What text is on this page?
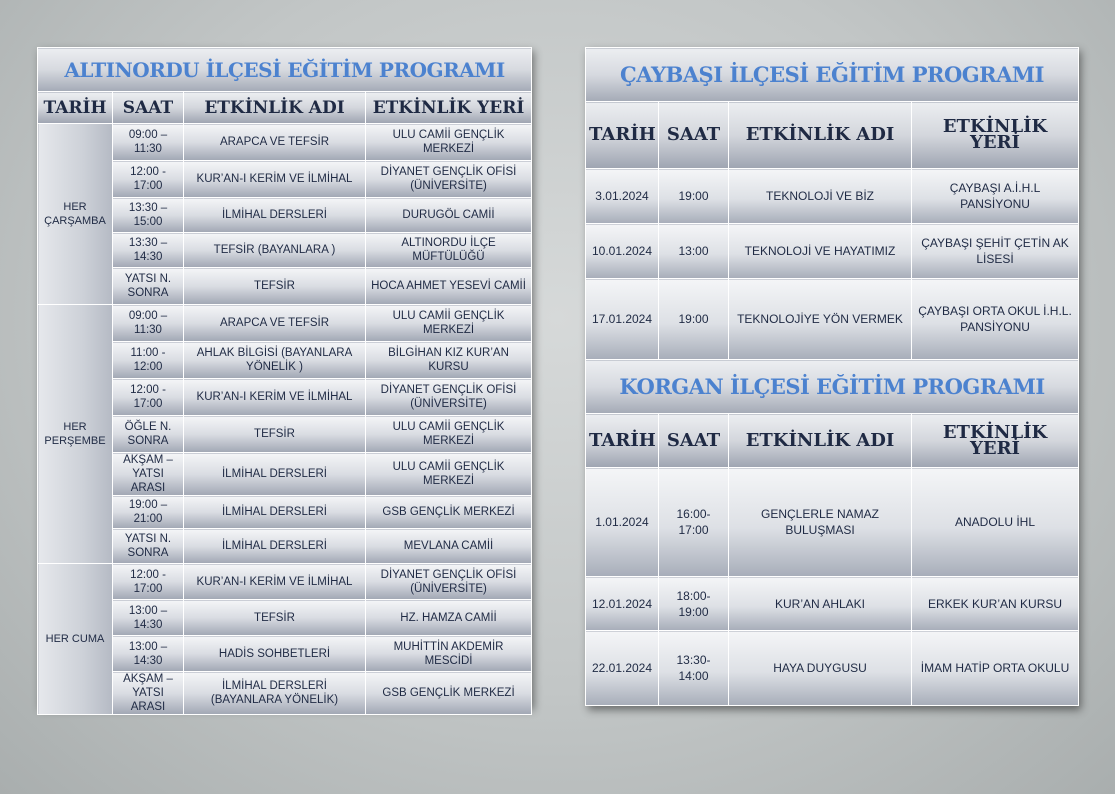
ALTINORDU İLÇESİ EĞİTİM PROGRAMI			
TARİH	SAAT	ETKİNLİK ADI	ETKİNLİK YERİ
HER ÇARŞAMBA	09:00 – 11:30	ARAPCA VE TEFSİR	ULU CAMİİ GENÇLİK MERKEZİ
	12:00 - 17:00	KUR’AN-I KERİM VE İLMİHAL	DİYANET GENÇLİK OFİSİ (ÜNİVERSİTE)
	13:30 – 15:00	İLMİHAL DERSLERİ	DURUGÖL CAMİİ
	13:30 – 14:30	TEFSİR (BAYANLARA )	ALTINORDU İLÇE MÜFTÜLÜĞÜ
	YATSI N. SONRA	TEFSİR	HOCA AHMET YESEVİ CAMİİ
HER PERŞEMBE	09:00 – 11:30	ARAPCA VE TEFSİR	ULU CAMİİ GENÇLİK MERKEZİ
	11:00 - 12:00	AHLAK BİLGİSİ (BAYANLARA YÖNELİK )	BİLGİHAN KIZ KUR’AN KURSU
	12:00 - 17:00	KUR’AN-I KERİM VE İLMİHAL	DİYANET GENÇLİK OFİSİ (ÜNİVERSİTE)
	ÖĞLE N. SONRA	TEFSİR	ULU CAMİİ GENÇLİK MERKEZİ
	AKŞAM – YATSI ARASI	İLMİHAL DERSLERİ	ULU CAMİİ GENÇLİK MERKEZİ
	19:00 – 21:00	İLMİHAL DERSLERİ	GSB GENÇLİK MERKEZİ
	YATSI N. SONRA	İLMİHAL DERSLERİ	MEVLANA CAMİİ
HER CUMA	12:00 - 17:00	KUR’AN-I KERİM VE İLMİHAL	DİYANET GENÇLİK OFİSİ (ÜNİVERSİTE)
	13:00 – 14:30	TEFSİR	HZ. HAMZA CAMİİ
	13:00 – 14:30	HADİS SOHBETLERİ	MUHİTTİN AKDEMİR MESCİDİ
	AKŞAM – YATSI ARASI	İLMİHAL DERSLERİ (BAYANLARA YÖNELİK)	GSB GENÇLİK MERKEZİ
ÇAYBAŞI İLÇESİ EĞİTİM PROGRAMI			
TARİH	SAAT	ETKİNLİK ADI	ETKİNLİK YERİ
3.01.2024	19:00	TEKNOLOJİ VE BİZ	ÇAYBAŞI A.İ.H.L PANSİYONU
10.01.2024	13:00	TEKNOLOJİ VE HAYATIMIZ	ÇAYBAŞI ŞEHİT ÇETİN AK LİSESİ
17.01.2024	19:00	TEKNOLOJİYE YÖN VERMEK	ÇAYBAŞI ORTA OKUL İ.H.L. PANSİYONU
KORGAN İLÇESİ EĞİTİM PROGRAMI			
TARİH	SAAT	ETKİNLİK ADI	ETKİNLİK YERİ
1.01.2024	16:00- 17:00	GENÇLERLE NAMAZ BULUŞMASI	ANADOLU İHL
12.01.2024	18:00- 19:00	KUR’AN AHLAKI	ERKEK KUR’AN KURSU
22.01.2024	13:30- 14:00	HAYA DUYGUSU	İMAM HATİP ORTA OKULU
